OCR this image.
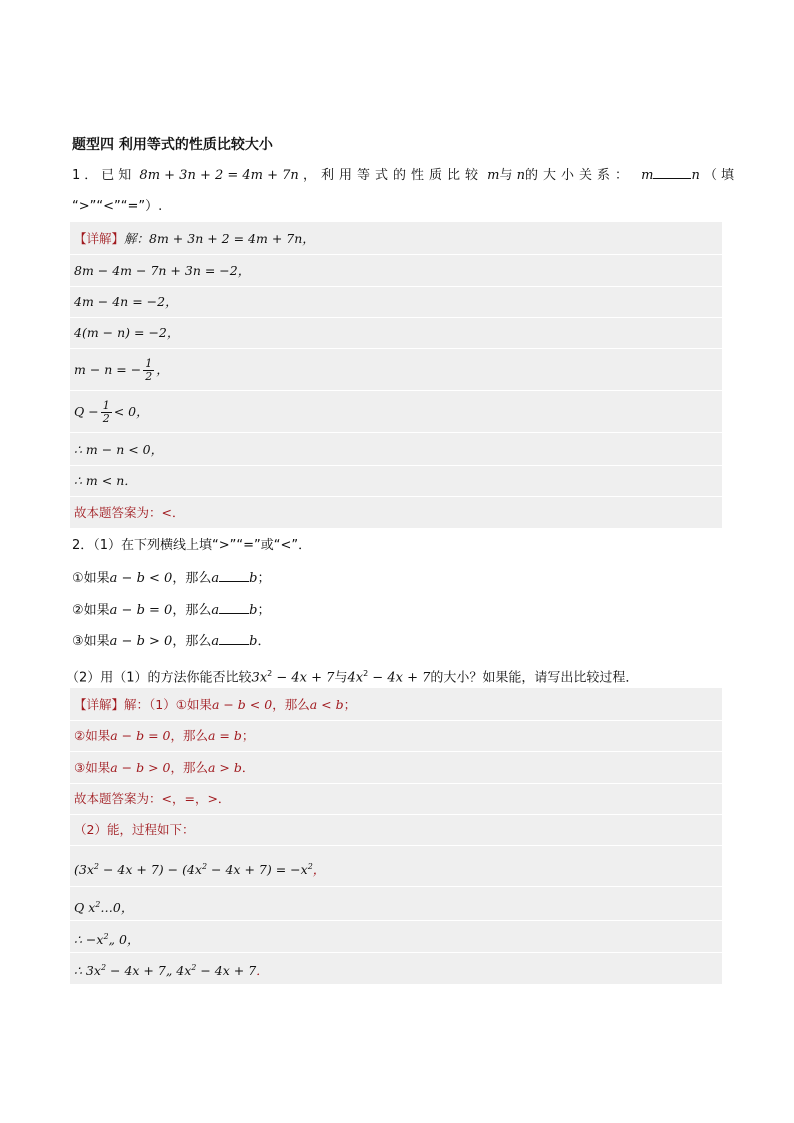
题型四 利用等式的性质比较大小
1．已知 8m + 3n + 2 = 4m + 7n ，利用等式的性质比较 m与 n的大小关系： m	n （填
“>”“<”“=”）.
【详解】解：8m + 3n + 2 = 4m + 7n，
8m − 4m − 7n + 3n = −2，
4m − 4n = −2，
4(m − n) = −2，
m − n = − $\frac{1}{2}$ ，
$Q - \frac{1}{2} < 0$，
∴ m − n < 0，
∴ m < n．
故本题答案为：<．
2．（1）在下列横线上填“>”“=”或“<”．
①如果a − b < 0，那么a b；
②如果a − b = 0，那么a b；
③如果a − b > 0，那么a b．
（2）用（1）的方法你能否比较$3x^2 - 4x + 7$与$4x^2 - 4x + 7$的大小？如果能，请写出比较过程．
【详解】解：（1）①如果a − b < 0，那么a < b；
②如果a − b = 0，那么a = b；
③如果a − b > 0，那么a > b．
故本题答案为：<，=，>．
（2）能，过程如下：
$(3x^2 - 4x + 7) - (4x^2 - 4x + 7) = -x^2$，
Q $x^2\dots 0$，
∴ $-x^2„$ 0，
∴ $3x^2 - 4x$ + 7„ $4x^2 - 4x + 7$．
